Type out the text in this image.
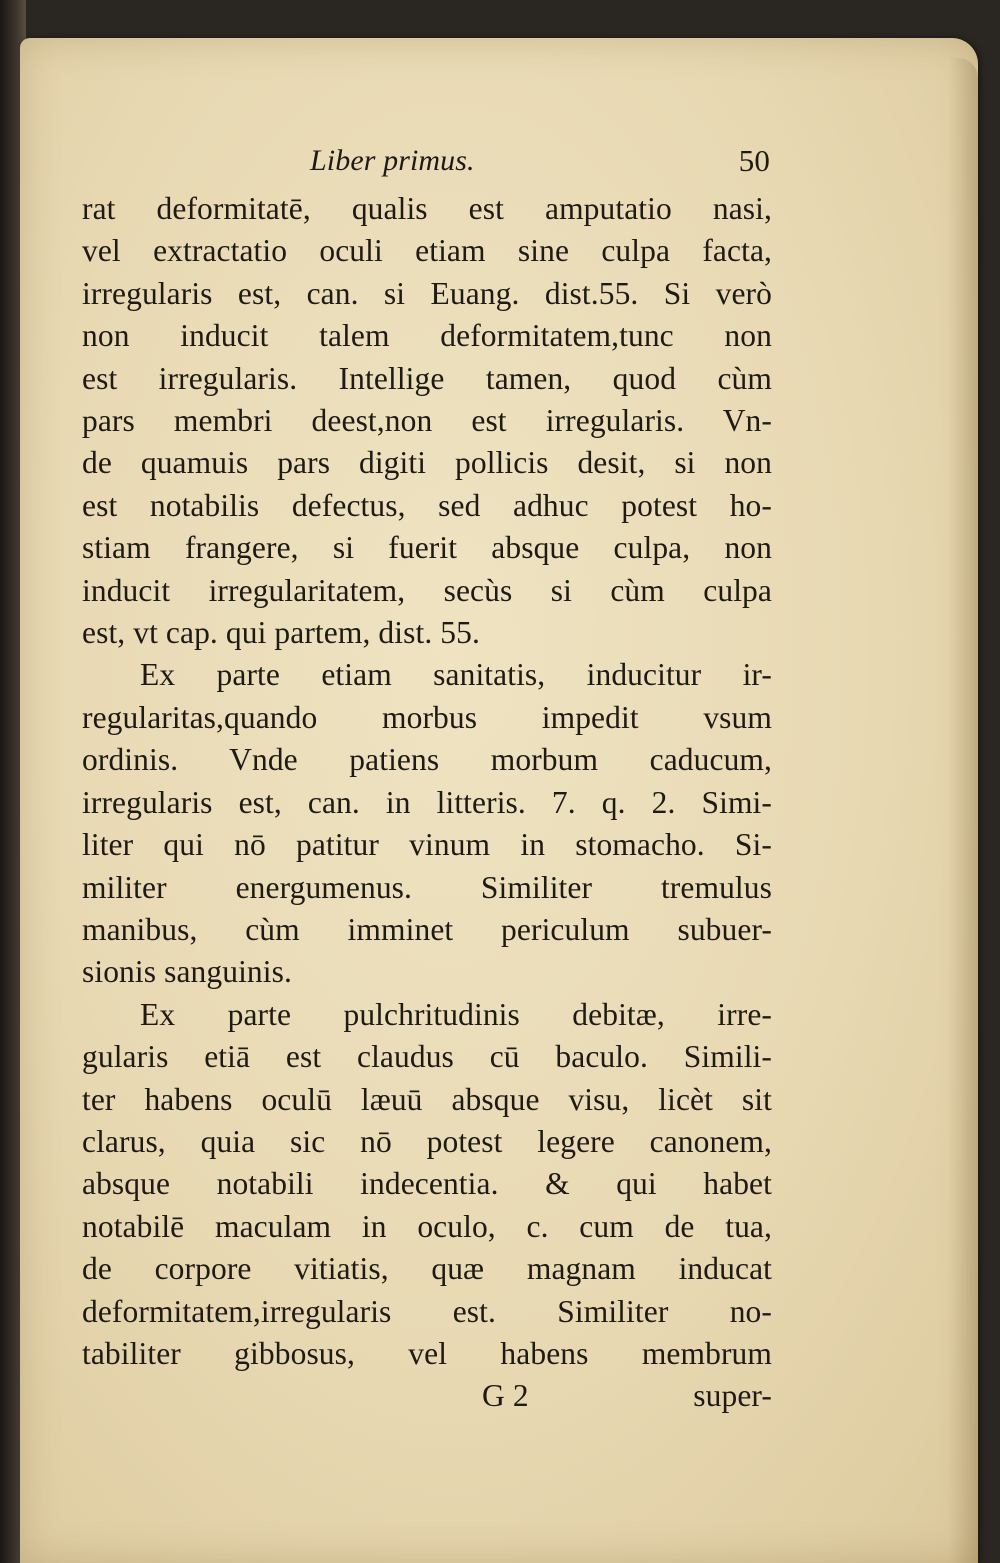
Liber primus.	50
rat deformitatē, qualis est amputatio nasi,
vel extractatio oculi etiam sine culpa facta,
irregularis est, can. si Euang. dist.55. Si verò
non inducit talem deformitatem,tunc non
est irregularis. Intellige tamen, quod cùm
pars membri deest,non est irregularis. Vn-
de quamuis pars digiti pollicis desit, si non
est notabilis defectus, sed adhuc potest ho-
stiam frangere, si fuerit absque culpa, non
inducit irregularitatem, secùs si cùm culpa
est, vt cap. qui partem, dist. 55.
Ex parte etiam sanitatis, inducitur ir-
regularitas,quando morbus impedit vsum
ordinis. Vnde patiens morbum caducum,
irregularis est, can. in litteris. 7. q. 2. Simi-
liter qui nō patitur vinum in stomacho. Si-
militer energumenus. Similiter tremulus
manibus, cùm imminet periculum subuer-
sionis sanguinis.
Ex parte pulchritudinis debitæ, irre-
gularis etiā est claudus cū baculo. Simili-
ter habens oculū læuū absque visu, licèt sit
clarus, quia sic nō potest legere canonem,
absque notabili indecentia. & qui habet
notabilē maculam in oculo, c. cum de tua,
de corpore vitiatis, quæ magnam inducat
deformitatem,irregularis est. Similiter no-
tabiliter gibbosus, vel habens membrum
G 2	super-
